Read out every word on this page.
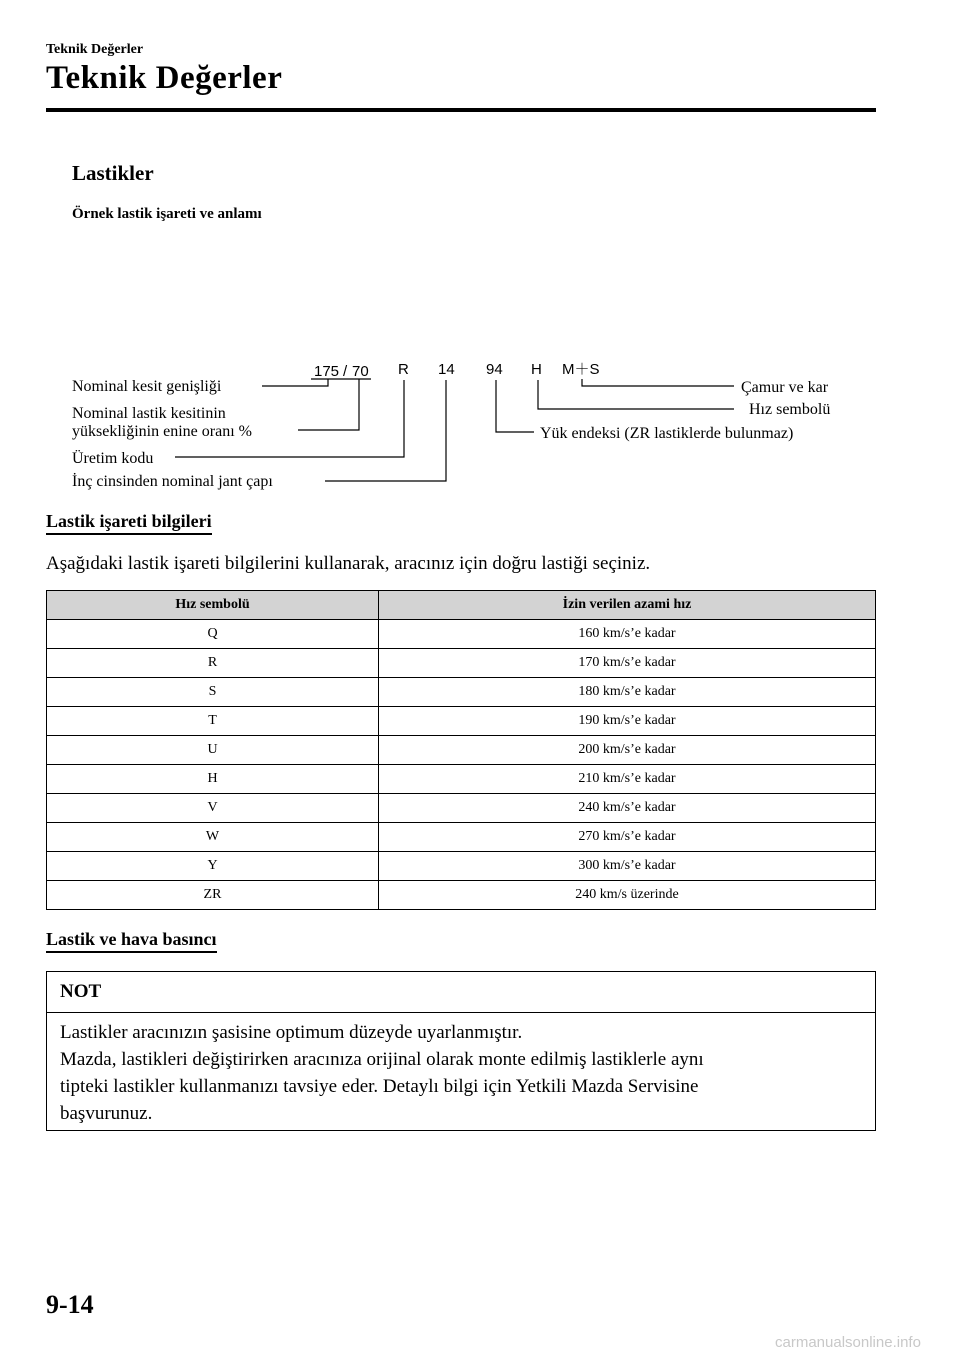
Teknik Değerler
Teknik Değerler
Lastikler
Örnek lastik işareti ve anlamı
175 / 70 R 14 94 H M＋S
Nominal kesit genişliği
Nominal lastik kesitinin
yüksekliğinin enine oranı %
Üretim kodu
İnç cinsinden nominal jant çapı
Çamur ve kar
Hız sembolü
Yük endeksi (ZR lastiklerde bulunmaz)
Lastik işareti bilgileri
Aşağıdaki lastik işareti bilgilerini kullanarak, aracınız için doğru lastiği seçiniz.
Hız sembolü	İzin verilen azami hız
Q	160 km/s’e kadar
R	170 km/s’e kadar
S	180 km/s’e kadar
T	190 km/s’e kadar
U	200 km/s’e kadar
H	210 km/s’e kadar
V	240 km/s’e kadar
W	270 km/s’e kadar
Y	300 km/s’e kadar
ZR	240 km/s üzerinde
Lastik ve hava basıncı
NOT
Lastikler aracınızın şasisine optimum düzeyde uyarlanmıştır.
Mazda, lastikleri değiştirirken aracınıza orijinal olarak monte edilmiş lastiklerle aynı
tipteki lastikler kullanmanızı tavsiye eder. Detaylı bilgi için Yetkili Mazda Servisine
başvurunuz.
9-14
carmanualsonline.info
